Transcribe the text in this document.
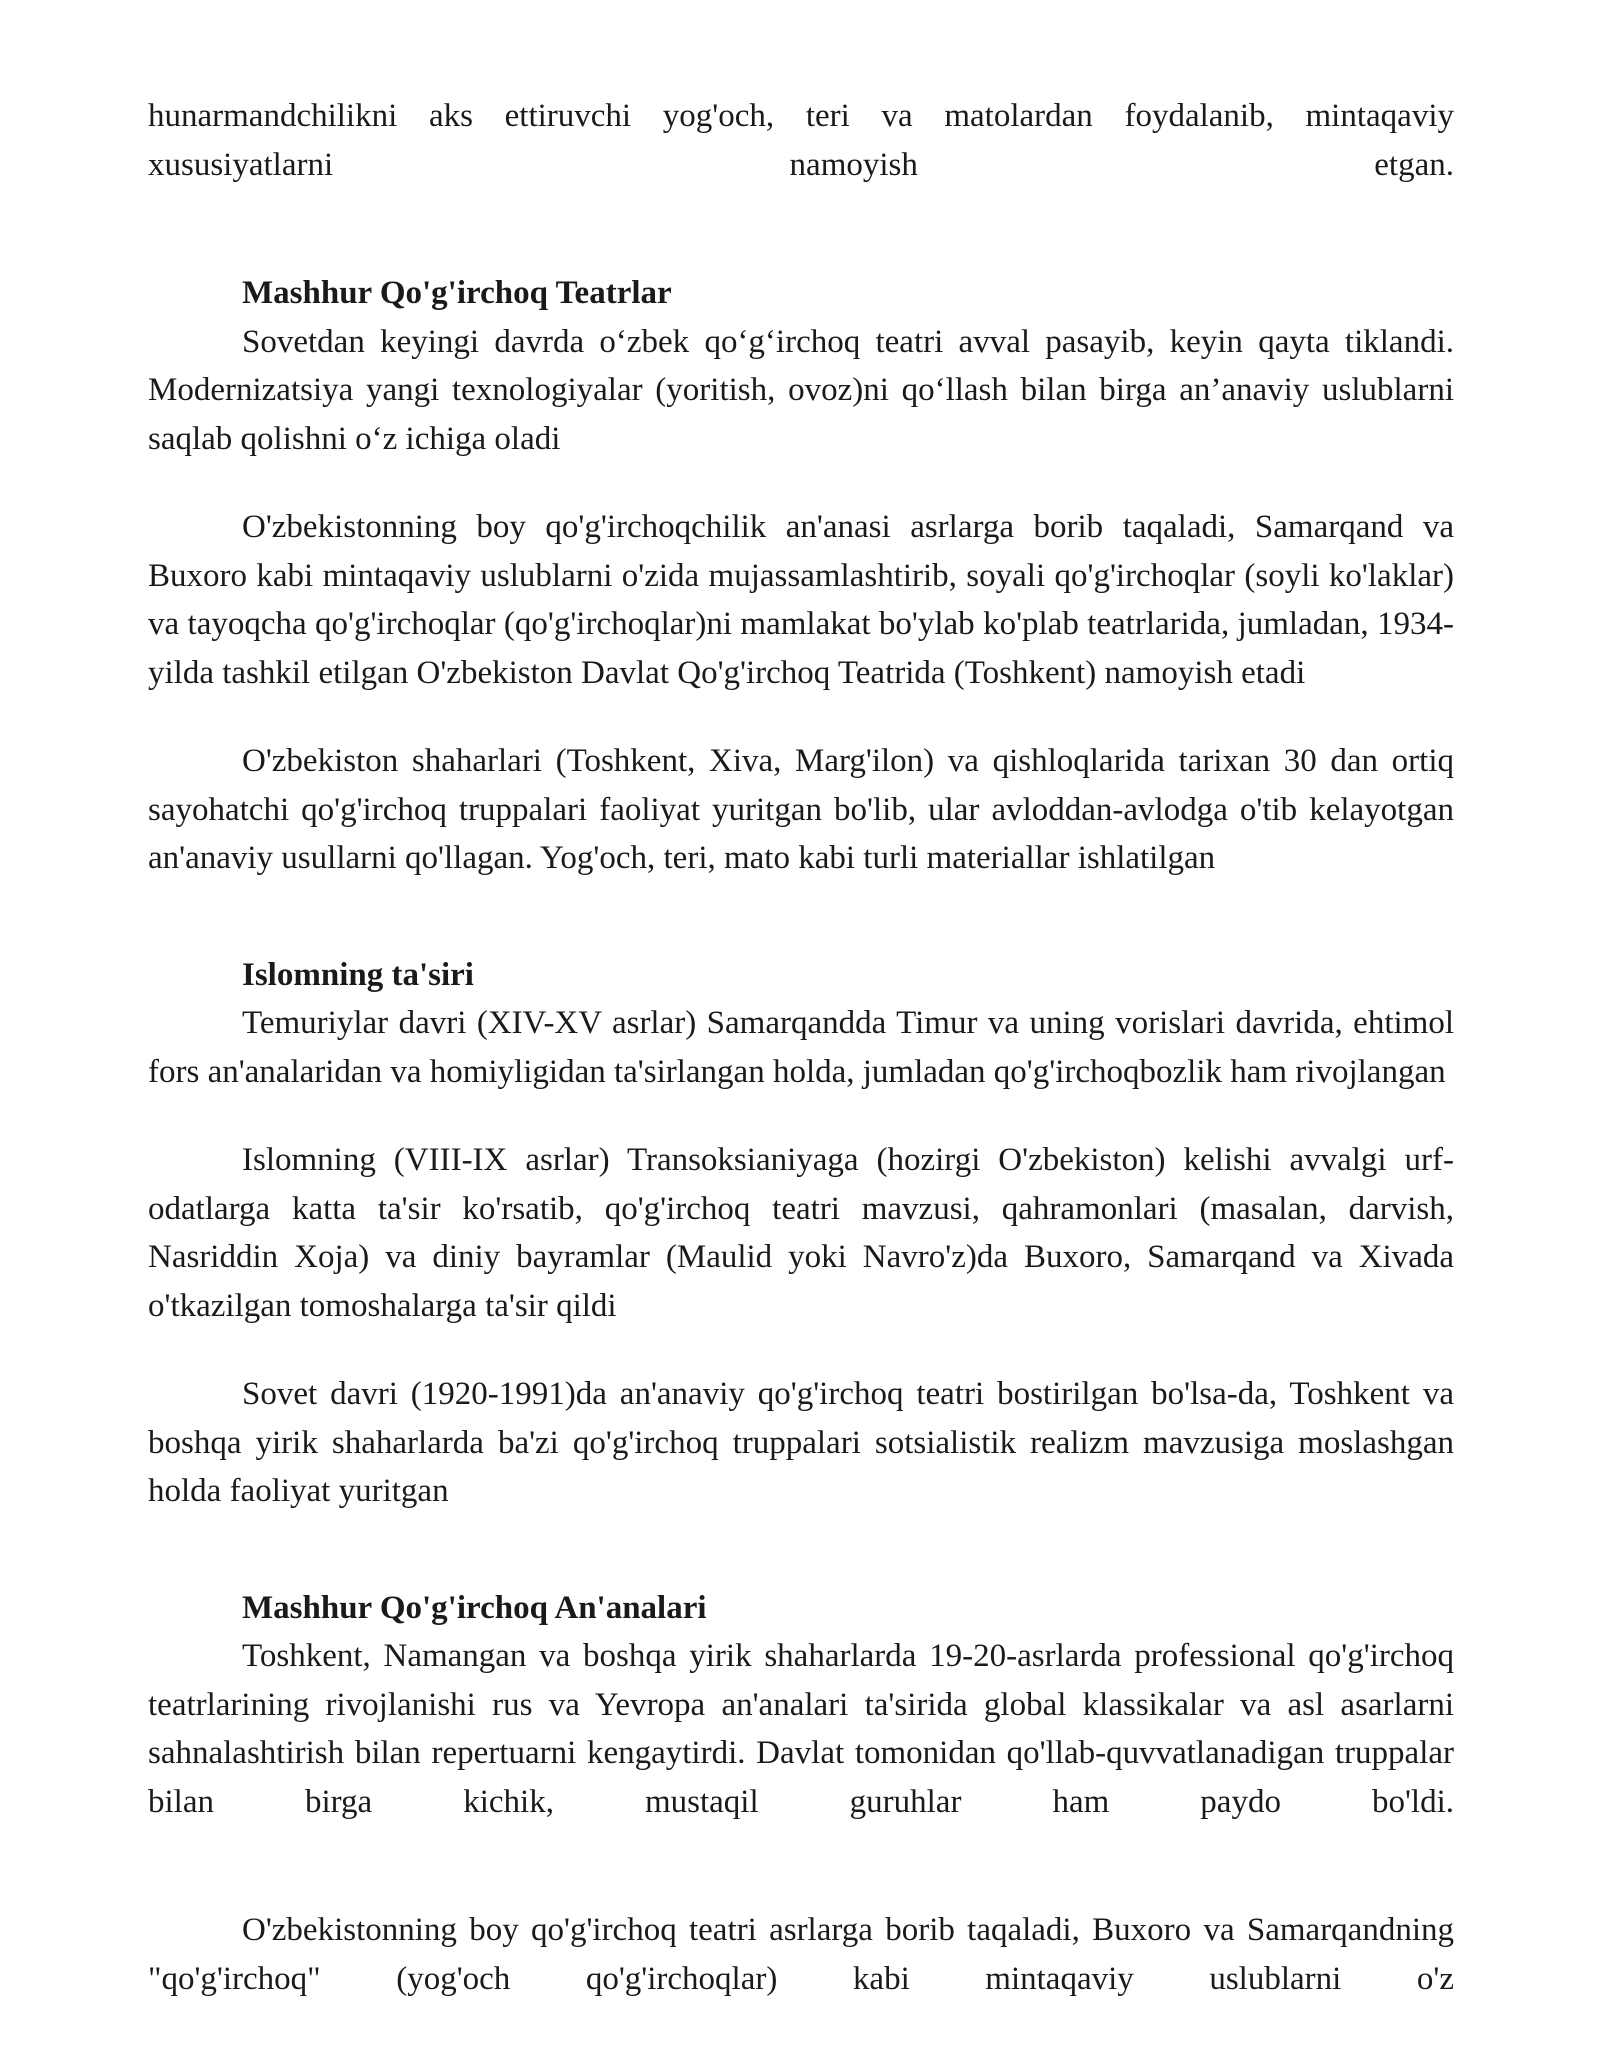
hunarmandchilikni aks ettiruvchi yog'och, teri va matolardan foydalanib, mintaqaviy xususiyatlarni namoyish etgan.

Mashhur Qo'g'irchoq Teatrlar

Sovetdan keyingi davrda o‘zbek qo‘g‘irchoq teatri avval pasayib, keyin qayta tiklandi. Modernizatsiya yangi texnologiyalar (yoritish, ovoz)ni qo‘llash bilan birga an’anaviy uslublarni saqlab qolishni o‘z ichiga oladi

O'zbekistonning boy qo'g'irchoqchilik an'anasi asrlarga borib taqaladi, Samarqand va Buxoro kabi mintaqaviy uslublarni o'zida mujassamlashtirib, soyali qo'g'irchoqlar (soyli ko'laklar) va tayoqcha qo'g'irchoqlar (qo'g'irchoqlar)ni mamlakat bo'ylab ko'plab teatrlarida, jumladan, 1934-yilda tashkil etilgan O'zbekiston Davlat Qo'g'irchoq Teatrida (Toshkent) namoyish etadi

O'zbekiston shaharlari (Toshkent, Xiva, Marg'ilon) va qishloqlarida tarixan 30 dan ortiq sayohatchi qo'g'irchoq truppalari faoliyat yuritgan bo'lib, ular avloddan-avlodga o'tib kelayotgan an'anaviy usullarni qo'llagan. Yog'och, teri, mato kabi turli materiallar ishlatilgan

Islomning ta'siri

Temuriylar davri (XIV-XV asrlar) Samarqandda Timur va uning vorislari davrida, ehtimol fors an'analaridan va homiyligidan ta'sirlangan holda, jumladan qo'g'irchoqbozlik ham rivojlangan

Islomning (VIII-IX asrlar) Transoksianiyaga (hozirgi O'zbekiston) kelishi avvalgi urf-odatlarga katta ta'sir ko'rsatib, qo'g'irchoq teatri mavzusi, qahramonlari (masalan, darvish, Nasriddin Xoja) va diniy bayramlar (Maulid yoki Navro'z)da Buxoro, Samarqand va Xivada o'tkazilgan tomoshalarga ta'sir qildi

Sovet davri (1920-1991)da an'anaviy qo'g'irchoq teatri bostirilgan bo'lsa-da, Toshkent va boshqa yirik shaharlarda ba'zi qo'g'irchoq truppalari sotsialistik realizm mavzusiga moslashgan holda faoliyat yuritgan

Mashhur Qo'g'irchoq An'analari

Toshkent, Namangan va boshqa yirik shaharlarda 19-20-asrlarda professional qo'g'irchoq teatrlarining rivojlanishi rus va Yevropa an'analari ta'sirida global klassikalar va asl asarlarni sahnalashtirish bilan repertuarni kengaytirdi. Davlat tomonidan qo'llab-quvvatlanadigan truppalar bilan birga kichik, mustaqil guruhlar ham paydo bo'ldi.

O'zbekistonning boy qo'g'irchoq teatri asrlarga borib taqaladi, Buxoro va Samarqandning "qo'g'irchoq" (yog'och qo'g'irchoqlar) kabi mintaqaviy uslublarni o'z
